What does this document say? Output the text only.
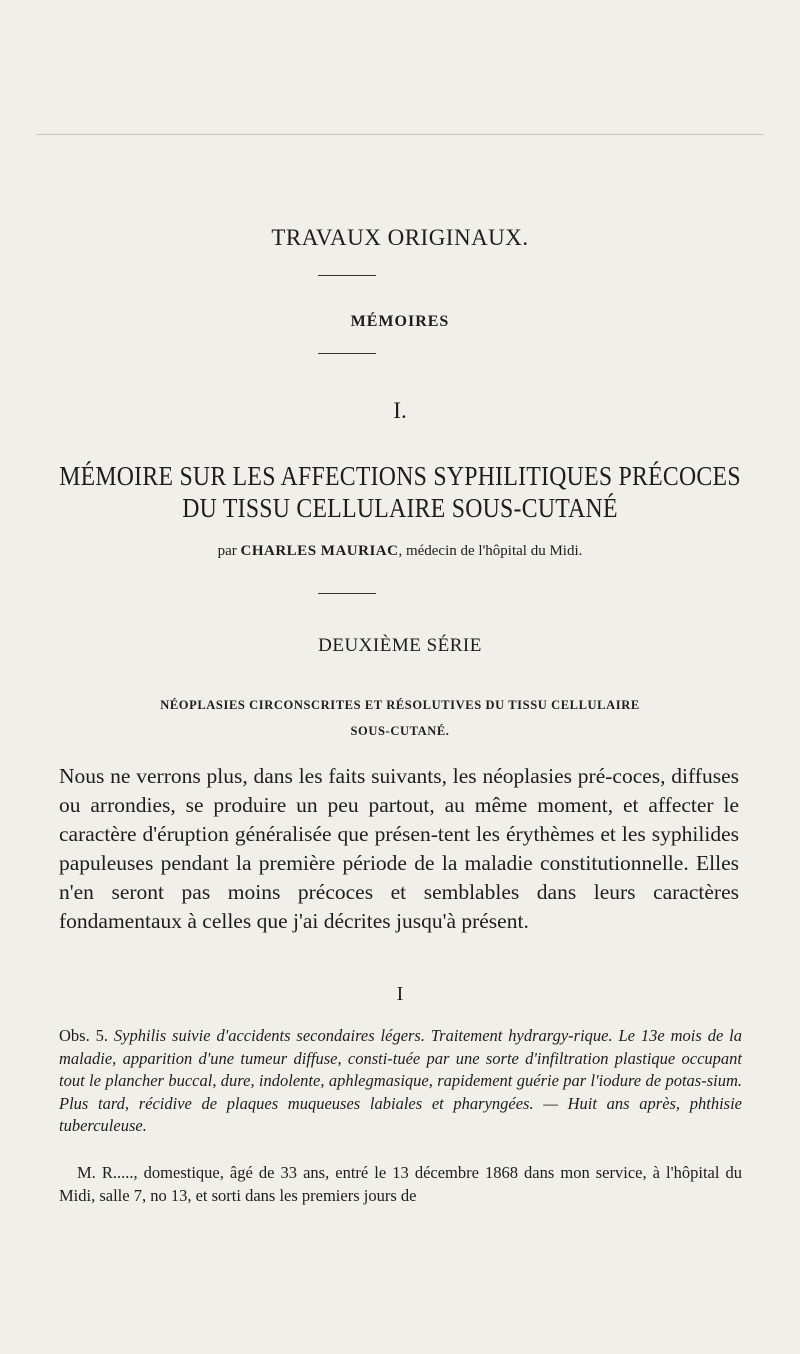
TRAVAUX ORIGINAUX.
MÉMOIRES
I.
MÉMOIRE SUR LES AFFECTIONS SYPHILITIQUES PRÉCOCES
DU TISSU CELLULAIRE SOUS-CUTANÉ
par CHARLES MAURIAC, médecin de l'hôpital du Midi.
DEUXIÈME SÉRIE
NÉOPLASIES CIRCONSCRITES ET RÉSOLUTIVES DU TISSU CELLULAIRE
SOUS-CUTANÉ.
Nous ne verrons plus, dans les faits suivants, les néoplasies pré-coces, diffuses ou arrondies, se produire un peu partout, au même moment, et affecter le caractère d'éruption généralisée que présen-tent les érythèmes et les syphilides papuleuses pendant la première période de la maladie constitutionnelle. Elles n'en seront pas moins précoces et semblables dans leurs caractères fondamentaux à celles que j'ai décrites jusqu'à présent.
I
Obs. 5. Syphilis suivie d'accidents secondaires légers. Traitement hydrargy-rique. Le 13e mois de la maladie, apparition d'une tumeur diffuse, consti-tuée par une sorte d'infiltration plastique occupant tout le plancher buccal, dure, indolente, aphlegmasique, rapidement guérie par l'iodure de potas-sium. Plus tard, récidive de plaques muqueuses labiales et pharyngées. — Huit ans après, phthisie tuberculeuse.
M. R....., domestique, âgé de 33 ans, entré le 13 décembre 1868 dans mon service, à l'hôpital du Midi, salle 7, no 13, et sorti dans les premiers jours de
